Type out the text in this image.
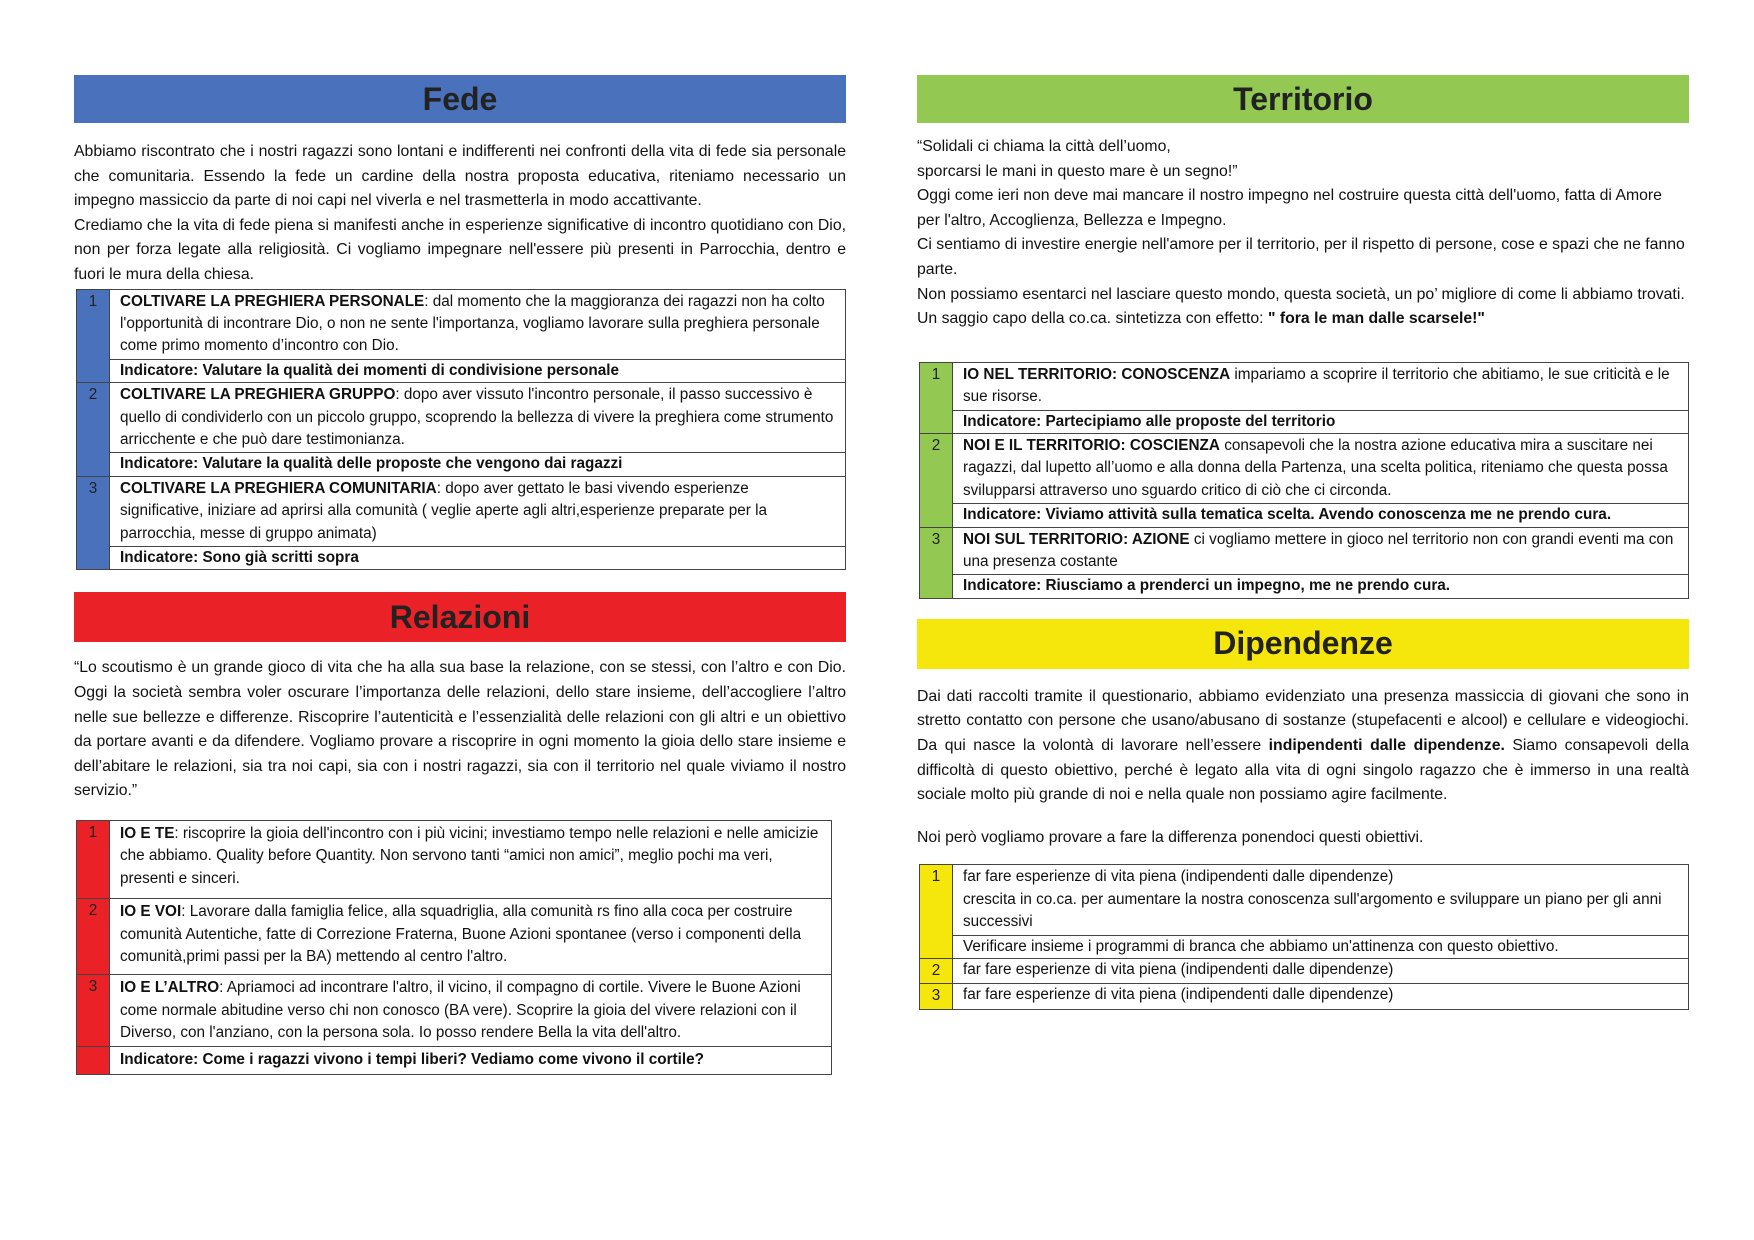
Fede
Abbiamo riscontrato che i nostri ragazzi sono lontani e indifferenti nei confronti della vita di fede sia personale che comunitaria. Essendo la fede un cardine della nostra proposta educativa, riteniamo necessario un impegno massiccio da parte di noi capi nel viverla e nel trasmetterla in modo accattivante.
Crediamo che la vita di fede piena si manifesti anche in esperienze significative di incontro quotidiano con Dio, non per forza legate alla religiosità. Ci vogliamo impegnare nell'essere più presenti in Parrocchia, dentro e fuori le mura della chiesa.
1	COLTIVARE LA PREGHIERA PERSONALE: dal momento che la maggioranza dei ragazzi non ha colto l'opportunità di incontrare Dio, o non ne sente l'importanza, vogliamo lavorare sulla preghiera personale come primo momento d’incontro con Dio.
	Indicatore: Valutare la qualità dei momenti di condivisione personale
2	COLTIVARE LA PREGHIERA GRUPPO: dopo aver vissuto l'incontro personale, il passo successivo è quello di condividerlo con un piccolo gruppo, scoprendo la bellezza di vivere la preghiera come strumento arricchente e che può dare testimonianza.
	Indicatore: Valutare la qualità delle proposte che vengono dai ragazzi
3	COLTIVARE LA PREGHIERA COMUNITARIA: dopo aver gettato le basi vivendo esperienze significative, iniziare ad aprirsi alla comunità ( veglie aperte agli altri,esperienze preparate per la parrocchia, messe di gruppo animata)
	Indicatore: Sono già scritti sopra
Relazioni
“Lo scoutismo è un grande gioco di vita che ha alla sua base la relazione, con se stessi, con l’altro e con Dio. Oggi la società sembra voler oscurare l’importanza delle relazioni, dello stare insieme, dell’accogliere l’altro nelle sue bellezze e differenze. Riscoprire l’autenticità e l’essenzialità delle relazioni con gli altri e un obiettivo da portare avanti e da difendere. Vogliamo provare a riscoprire in ogni momento la gioia dello stare insieme e dell’abitare le relazioni, sia tra noi capi, sia con i nostri ragazzi, sia con il territorio nel quale viviamo il nostro servizio.”
1	IO E TE: riscoprire la gioia dell'incontro con i più vicini; investiamo tempo nelle relazioni e nelle amicizie che abbiamo. Quality before Quantity. Non servono tanti “amici non amici”, meglio pochi ma veri, presenti e sinceri.
2	IO E VOI: Lavorare dalla famiglia felice, alla squadriglia, alla comunità rs fino alla coca per costruire comunità Autentiche, fatte di Correzione Fraterna, Buone Azioni spontanee (verso i componenti della comunità,primi passi per la BA) mettendo al centro l'altro.
3	IO E L’ALTRO: Apriamoci ad incontrare l'altro, il vicino, il compagno di cortile. Vivere le Buone Azioni come normale abitudine verso chi non conosco (BA vere). Scoprire la gioia del vivere relazioni con il Diverso, con l'anziano, con la persona sola. Io posso rendere Bella la vita dell'altro.
	Indicatore: Come i ragazzi vivono i tempi liberi? Vediamo come vivono il cortile?
Territorio
“Solidali ci chiama la città dell’uomo,
sporcarsi le mani in questo mare è un segno!”
Oggi come ieri non deve mai mancare il nostro impegno nel costruire questa città dell'uomo, fatta di Amore per l'altro, Accoglienza, Bellezza e Impegno.
Ci sentiamo di investire energie nell'amore per il territorio, per il rispetto di persone, cose e spazi che ne fanno parte.
Non possiamo esentarci nel lasciare questo mondo, questa società, un po’ migliore di come li abbiamo trovati.
Un saggio capo della co.ca. sintetizza con effetto: " fora le man dalle scarsele!"
1	IO NEL TERRITORIO: CONOSCENZA impariamo a scoprire il territorio che abitiamo, le sue criticità e le sue risorse.
	Indicatore: Partecipiamo alle proposte del territorio
2	NOI E IL TERRITORIO: COSCIENZA consapevoli che la nostra azione educativa mira a suscitare nei ragazzi, dal lupetto all’uomo e alla donna della Partenza, una scelta politica, riteniamo che questa possa svilupparsi attraverso uno sguardo critico di ciò che ci circonda.
	Indicatore: Viviamo attività sulla tematica scelta. Avendo conoscenza me ne prendo cura.
3	NOI SUL TERRITORIO: AZIONE ci vogliamo mettere in gioco nel territorio non con grandi eventi ma con una presenza costante
	Indicatore: Riusciamo a prenderci un impegno, me ne prendo cura.
Dipendenze
Dai dati raccolti tramite il questionario, abbiamo evidenziato una presenza massiccia di giovani che sono in stretto contatto con persone che usano/abusano di sostanze (stupefacenti e alcool) e cellulare e videogiochi. Da qui nasce la volontà di lavorare nell’essere indipendenti dalle dipendenze. Siamo consapevoli della difficoltà di questo obiettivo, perché è legato alla vita di ogni singolo ragazzo che è immerso in una realtà sociale molto più grande di noi e nella quale non possiamo agire facilmente.
Noi però vogliamo provare a fare la differenza ponendoci questi obiettivi.
1	far fare esperienze di vita piena (indipendenti dalle dipendenze)
crescita in co.ca. per aumentare la nostra conoscenza sull'argomento e sviluppare un piano per gli anni successivi
	Verificare insieme i programmi di branca che abbiamo un'attinenza con questo obiettivo.
2	far fare esperienze di vita piena (indipendenti dalle dipendenze)
3	far fare esperienze di vita piena (indipendenti dalle dipendenze)
